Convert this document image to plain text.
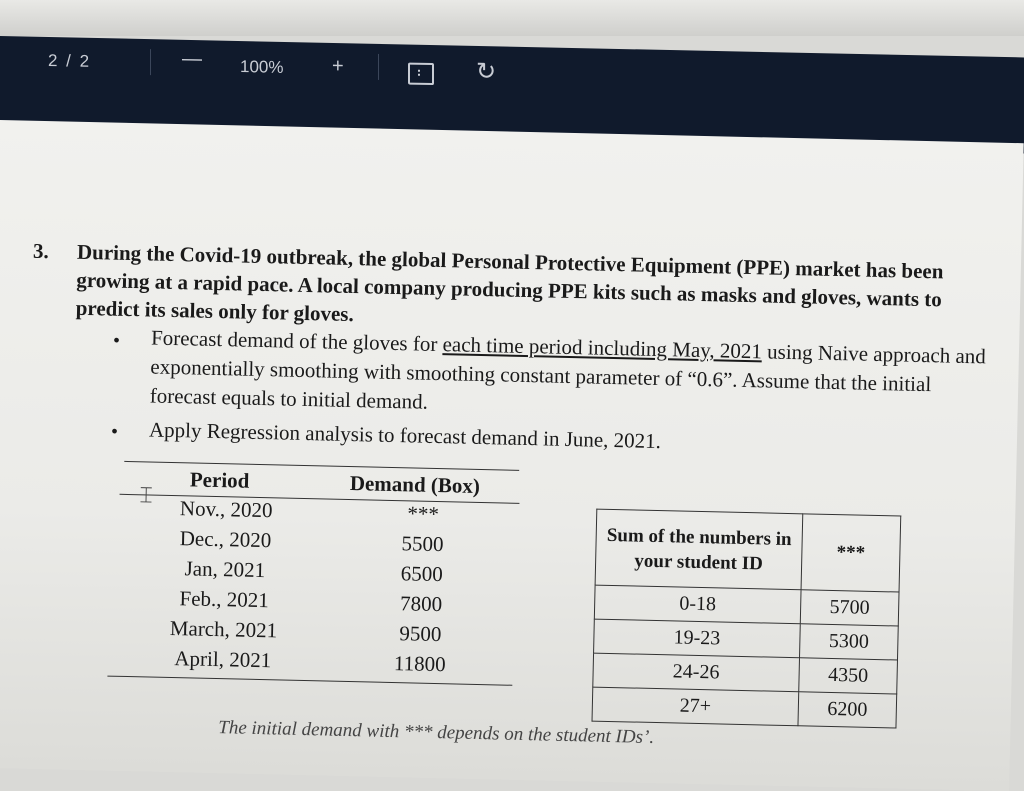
2 / 2	— 100% +	↻
3. During the Covid-19 outbreak, the global Personal Protective Equipment (PPE) market has been growing at a rapid pace. A local company producing PPE kits such as masks and gloves, wants to predict its sales only for gloves.
• Forecast demand of the gloves for each time period including May, 2021 using Naive approach and exponentially smoothing with smoothing constant parameter of “0.6”. Assume that the initial forecast equals to initial demand.
• Apply Regression analysis to forecast demand in June, 2021.
Period	Demand (Box)
⌶
Nov., 2020	***
Dec., 2020	5500
Jan, 2021	6500
Feb., 2021	7800
March, 2021	9500
April, 2021	11800
Sum of the numbers in your student ID	***
0-18	5700
19-23	5300
24-26	4350
27+	6200
The initial demand with *** depends on the student IDs’.
